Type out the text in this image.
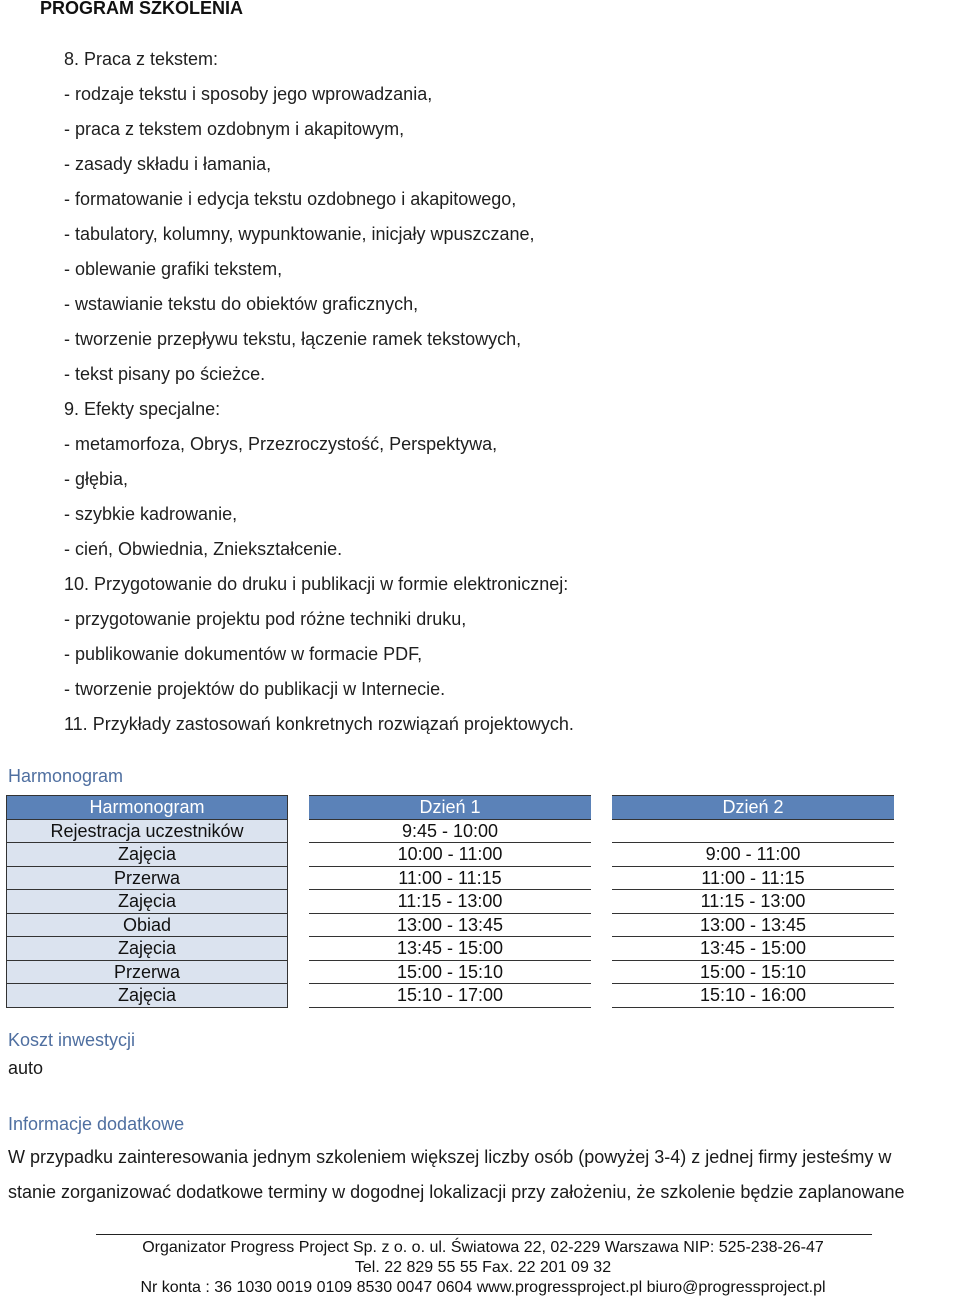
PROGRAM SZKOLENIA
8. Praca z tekstem:
- rodzaje tekstu i sposoby jego wprowadzania,
- praca z tekstem ozdobnym i akapitowym,
- zasady składu i łamania,
- formatowanie i edycja tekstu ozdobnego i akapitowego,
- tabulatory, kolumny, wypunktowanie, inicjały wpuszczane,
- oblewanie grafiki tekstem,
- wstawianie tekstu do obiektów graficznych,
- tworzenie przepływu tekstu, łączenie ramek tekstowych,
- tekst pisany po ścieżce.
9. Efekty specjalne:
- metamorfoza, Obrys, Przezroczystość, Perspektywa,
- głębia,
- szybkie kadrowanie,
- cień, Obwiednia, Zniekształcenie.
10. Przygotowanie do druku i publikacji w formie elektronicznej:
- przygotowanie projektu pod różne techniki druku,
- publikowanie dokumentów w formacie PDF,
- tworzenie projektów do publikacji w Internecie.
11. Przykłady zastosowań konkretnych rozwiązań projektowych.
Harmonogram
Harmonogram		Dzień 1		Dzień 2
Rejestracja uczestników		9:45 - 10:00		
Zajęcia		10:00 - 11:00		9:00 - 11:00
Przerwa		11:00 - 11:15		11:00 - 11:15
Zajęcia		11:15 - 13:00		11:15 - 13:00
Obiad		13:00 - 13:45		13:00 - 13:45
Zajęcia		13:45 - 15:00		13:45 - 15:00
Przerwa		15:00 - 15:10		15:00 - 15:10
Zajęcia		15:10 - 17:00		15:10 - 16:00
Koszt inwestycji
auto
Informacje dodatkowe
W przypadku zainteresowania jednym szkoleniem większej liczby osób (powyżej 3-4) z jednej firmy jesteśmy w
stanie zorganizować dodatkowe terminy w dogodnej lokalizacji przy założeniu, że szkolenie będzie zaplanowane
Organizator Progress Project Sp. z o. o. ul. Światowa 22, 02-229 Warszawa NIP: 525-238-26-47
Tel. 22 829 55 55 Fax. 22 201 09 32
Nr konta : 36 1030 0019 0109 8530 0047 0604 www.progressproject.pl biuro@progressproject.pl
